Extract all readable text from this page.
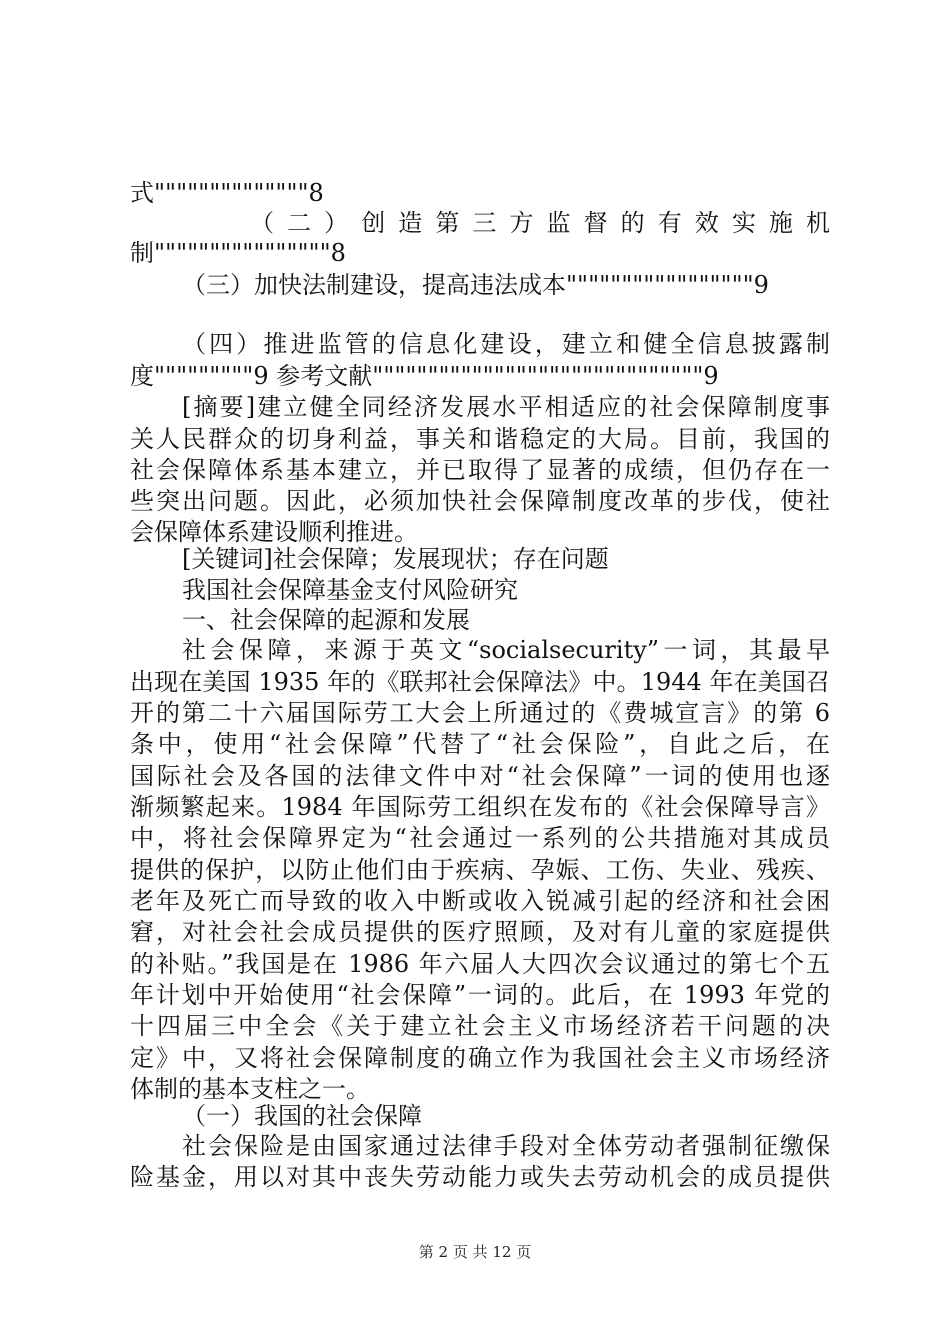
式""""""""""""""8
（二）创造第三方监督的有效实施机
制""""""""""""""""8
（三）加快法制建设，提高违法成本"""""""""""""""""9
（四）推进监管的信息化建设，建立和健全信息披露制
度"""""""""9 参考文献""""""""""""""""""""""""""""""9
[摘要]建立健全同经济发展水平相适应的社会保障制度事
关人民群众的切身利益，事关和谐稳定的大局。目前，我国的
社会保障体系基本建立，并已取得了显著的成绩，但仍存在一
些突出问题。因此，必须加快社会保障制度改革的步伐，使社
会保障体系建设顺利推进。
[关键词]社会保障；发展现状；存在问题
我国社会保障基金支付风险研究
一、社会保障的起源和发展
社会保障，来源于英文“socialsecurity”一词，其最早
出现在美国 1935 年的《联邦社会保障法》中。1944 年在美国召
开的第二十六届国际劳工大会上所通过的《费城宣言》的第 6
条中，使用“社会保障”代替了“社会保险”，自此之后，在
国际社会及各国的法律文件中对“社会保障”一词的使用也逐
渐频繁起来。1984 年国际劳工组织在发布的《社会保障导言》
中，将社会保障界定为“社会通过一系列的公共措施对其成员
提供的保护，以防止他们由于疾病、孕娠、工伤、失业、残疾、
老年及死亡而导致的收入中断或收入锐减引起的经济和社会困
窘，对社会社会成员提供的医疗照顾，及对有儿童的家庭提供
的补贴。”我国是在 1986 年六届人大四次会议通过的第七个五
年计划中开始使用“社会保障”一词的。此后，在 1993 年党的
十四届三中全会《关于建立社会主义市场经济若干问题的决
定》中，又将社会保障制度的确立作为我国社会主义市场经济
体制的基本支柱之一。
（一）我国的社会保障
社会保险是由国家通过法律手段对全体劳动者强制征缴保
险基金，用以对其中丧失劳动能力或失去劳动机会的成员提供
第 2 页 共 12 页
